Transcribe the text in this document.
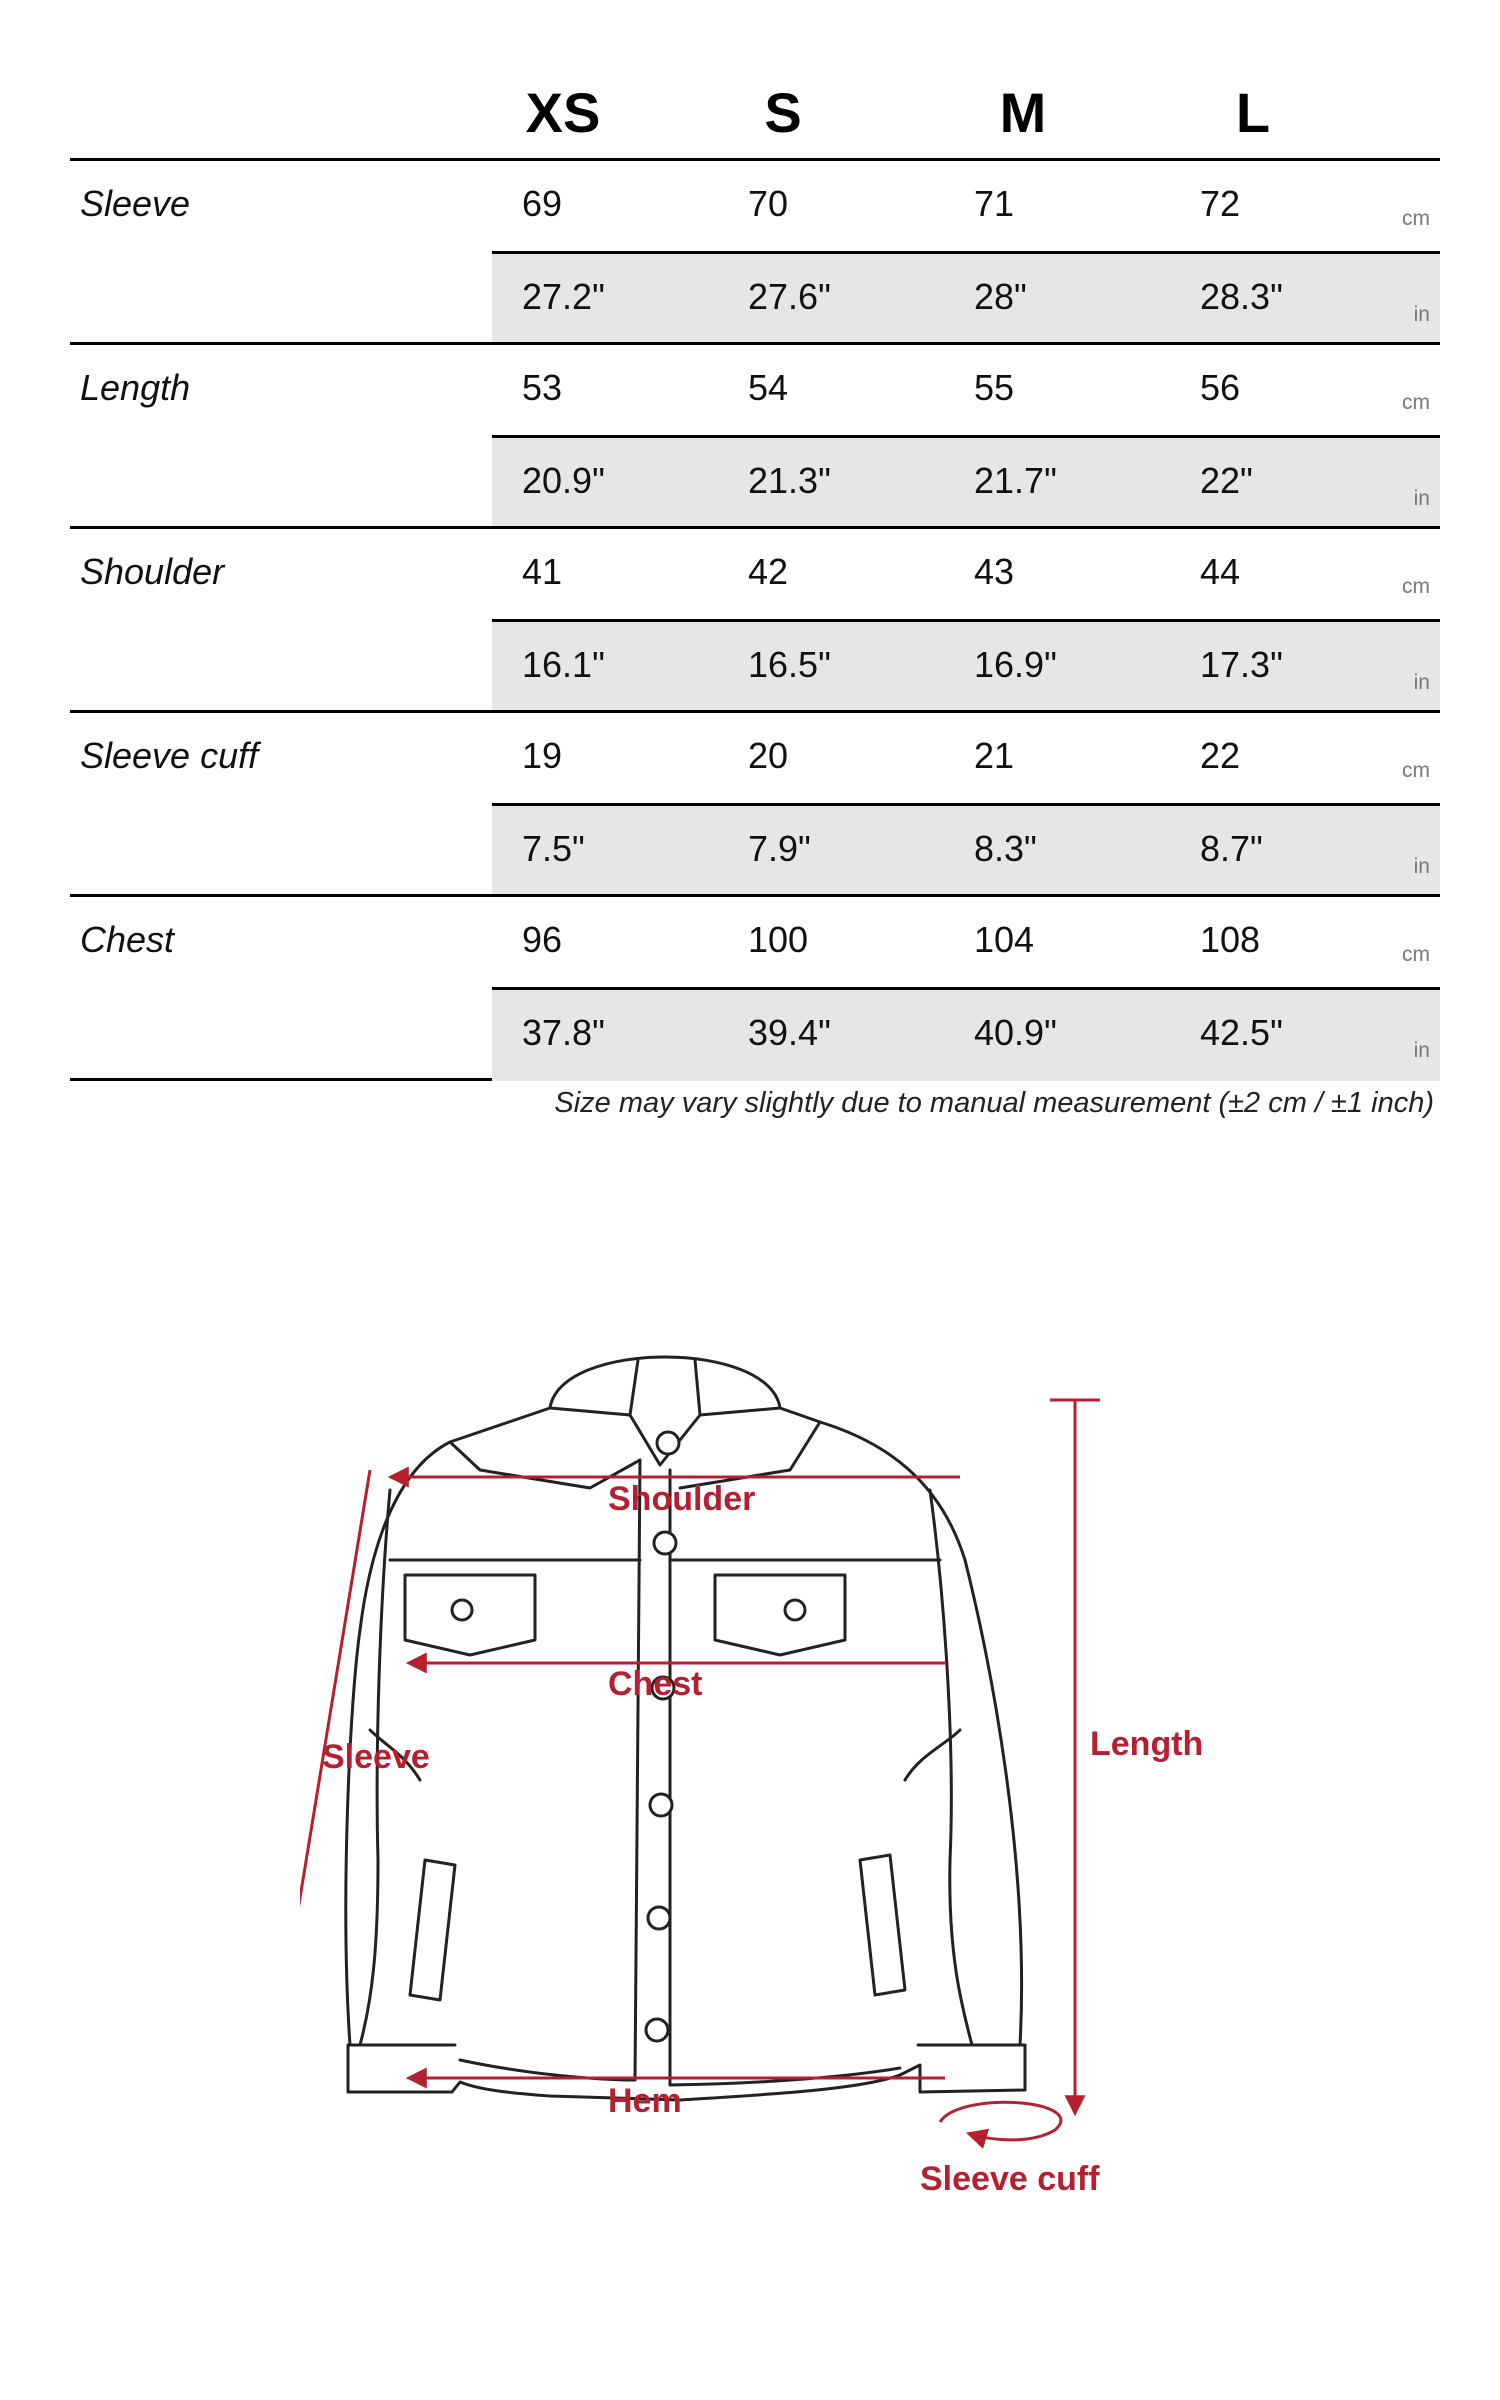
XS	S	M	L
Sleeve	69	70	71	72	cm
27.2"	27.6"	28"	28.3"	in
Length	53	54	55	56	cm
20.9"	21.3"	21.7"	22"	in
Shoulder	41	42	43	44	cm
16.1"	16.5"	16.9"	17.3"	in
Sleeve cuff	19	20	21	22	cm
7.5"	7.9"	8.3"	8.7"	in
Chest	96	100	104	108	cm
37.8"	39.4"	40.9"	42.5"	in
Size may vary slightly due to manual measurement (±2 cm / ±1 inch)
Shoulder
Chest
Sleeve	Length
Hem
Sleeve cuff
